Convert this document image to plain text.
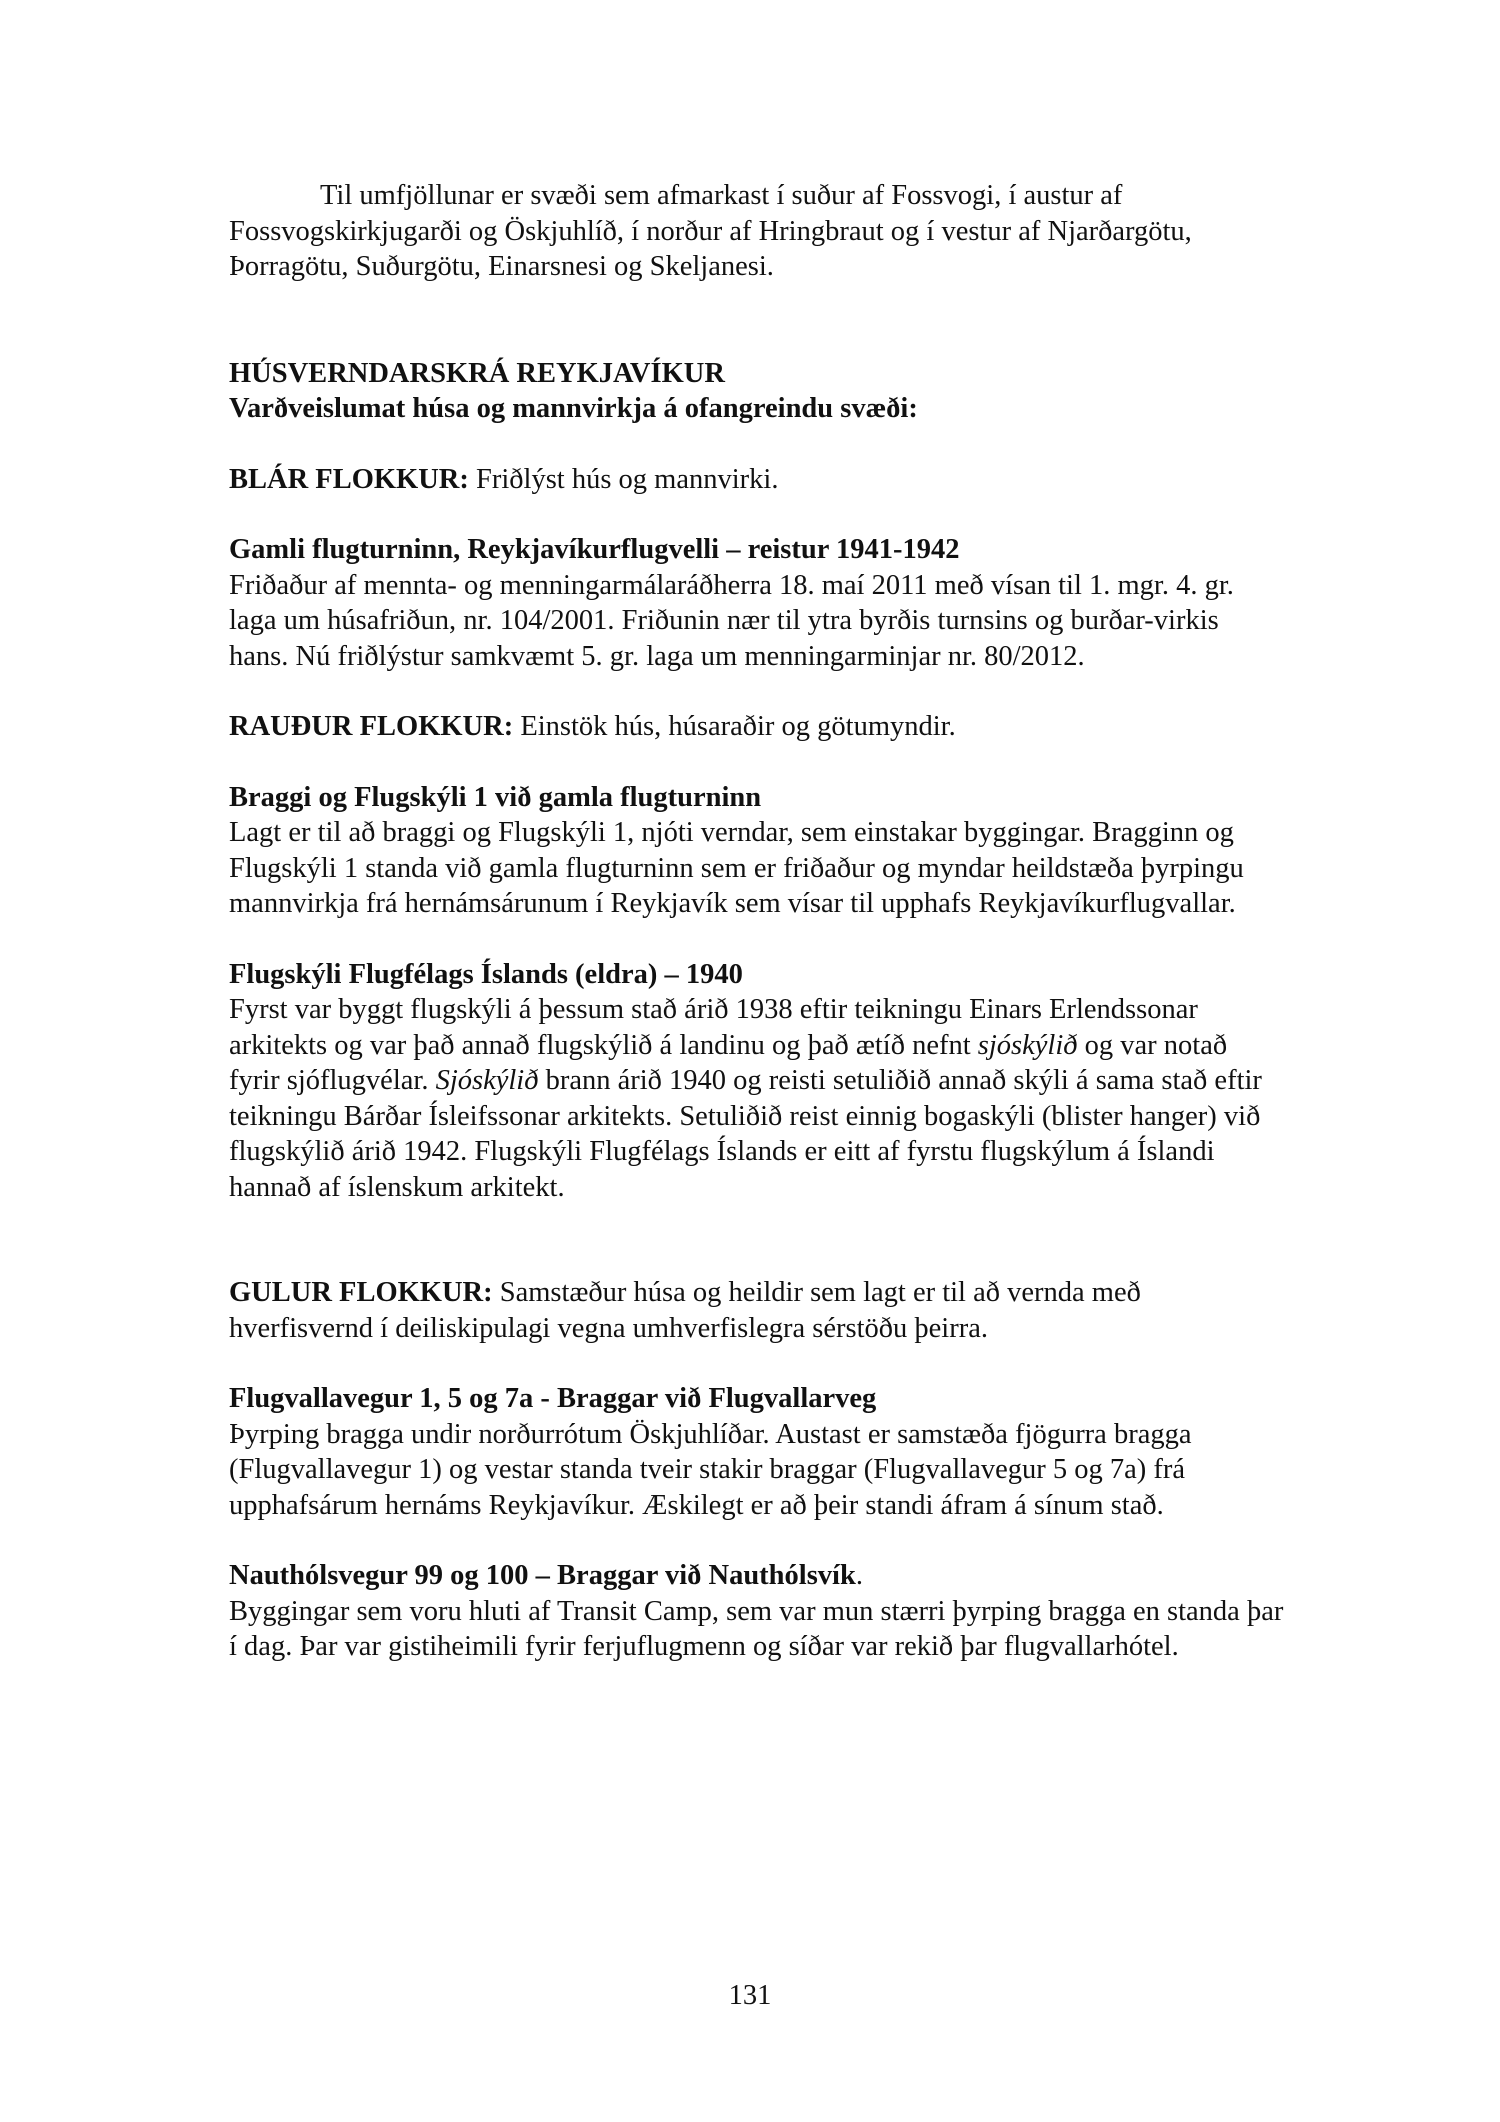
Til umfjöllunar er svæði sem afmarkast í suður af Fossvogi, í austur af Fossvogskirkjugarði og Öskjuhlíð, í norður af Hringbraut og í vestur af Njarðargötu, Þorragötu, Suðurgötu, Einarsnesi og Skeljanesi.

HÚSVERNDARSKRÁ REYKJAVÍKUR

Varðveislumat húsa og mannvirkja á ofangreindu svæði:

BLÁR FLOKKUR: Friðlýst hús og mannvirki.

Gamli flugturninn, Reykjavíkurflugvelli – reistur 1941-1942

Friðaður af mennta- og menningarmálaráðherra 18. maí 2011 með vísan til 1. mgr. 4. gr. laga um húsafriðun, nr. 104/2001. Friðunin nær til ytra byrðis turnsins og burðar-virkis hans. Nú friðlýstur samkvæmt 5. gr. laga um menningarminjar nr. 80/2012.

RAUÐUR FLOKKUR: Einstök hús, húsaraðir og götumyndir.

Braggi og Flugskýli 1 við gamla flugturninn

Lagt er til að braggi og Flugskýli 1, njóti verndar, sem einstakar byggingar. Bragginn og Flugskýli 1 standa við gamla flugturninn sem er friðaður og myndar heildstæða þyrpingu mannvirkja frá hernámsárunum í Reykjavík sem vísar til upphafs Reykjavíkurflugvallar.

Flugskýli Flugfélags Íslands (eldra) – 1940

Fyrst var byggt flugskýli á þessum stað árið 1938 eftir teikningu Einars Erlendssonar arkitekts og var það annað flugskýlið á landinu og það ætíð nefnt sjóskýlið og var notað fyrir sjóflugvélar. Sjóskýlið brann árið 1940 og reisti setuliðið annað skýli á sama stað eftir teikningu Bárðar Ísleifssonar arkitekts. Setuliðið reist einnig bogaskýli (blister hanger) við flugskýlið árið 1942. Flugskýli Flugfélags Íslands er eitt af fyrstu flugskýlum á Íslandi hannað af íslenskum arkitekt.

GULUR FLOKKUR: Samstæður húsa og heildir sem lagt er til að vernda með hverfisvernd í deiliskipulagi vegna umhverfislegra sérstöðu þeirra.

Flugvallavegur 1, 5 og 7a - Braggar við Flugvallarveg

Þyrping bragga undir norðurrótum Öskjuhlíðar. Austast er samstæða fjögurra bragga (Flugvallavegur 1) og vestar standa tveir stakir braggar (Flugvallavegur 5 og 7a) frá upphafsárum hernáms Reykjavíkur. Æskilegt er að þeir standi áfram á sínum stað.

Nauthólsvegur 99 og 100 – Braggar við Nauthólsvík.

Byggingar sem voru hluti af Transit Camp, sem var mun stærri þyrping bragga en standa þar í dag. Þar var gistiheimili fyrir ferjuflugmenn og síðar var rekið þar flugvallarhótel.

131
